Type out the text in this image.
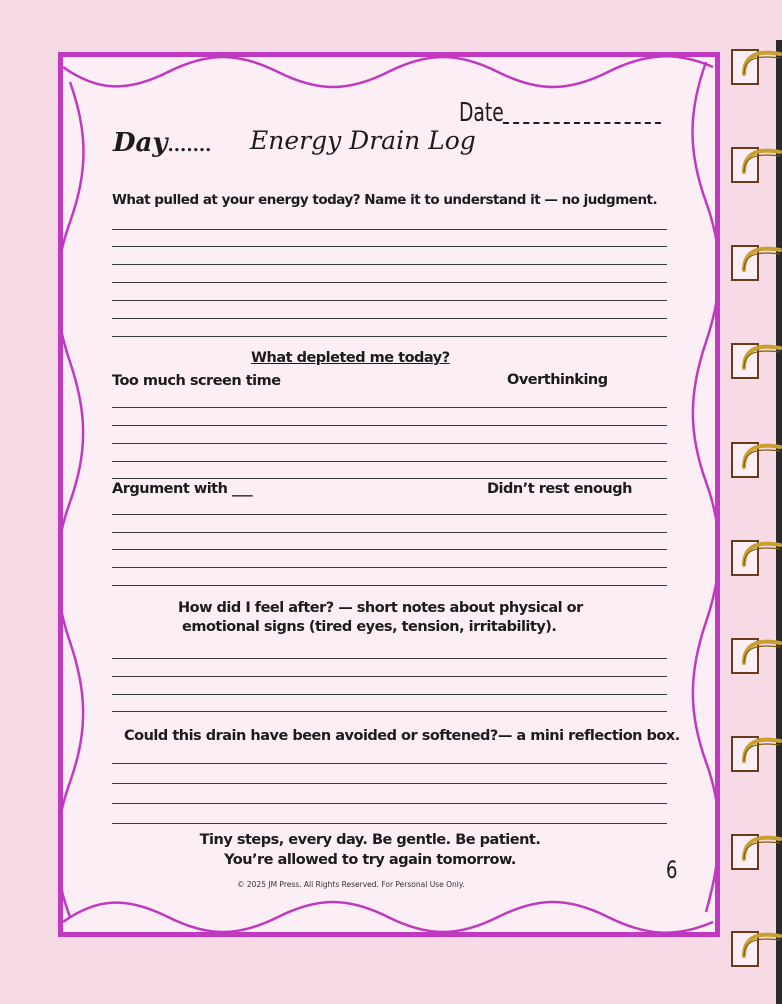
Day....... Energy Drain Log
Date
What pulled at your energy today? Name it to understand it — no judgment.
What depleted me today?
Too much screen time	Overthinking
Argument with ___	Didn’t rest enough
How did I feel after? — short notes about physical or
emotional signs (tired eyes, tension, irritability).
Could this drain have been avoided or softened?— a mini reflection box.
Tiny steps, every day. Be gentle. Be patient.
You’re allowed to try again tomorrow.
© 2025 JM Press. All Rights Reserved. For Personal Use Only.
6
